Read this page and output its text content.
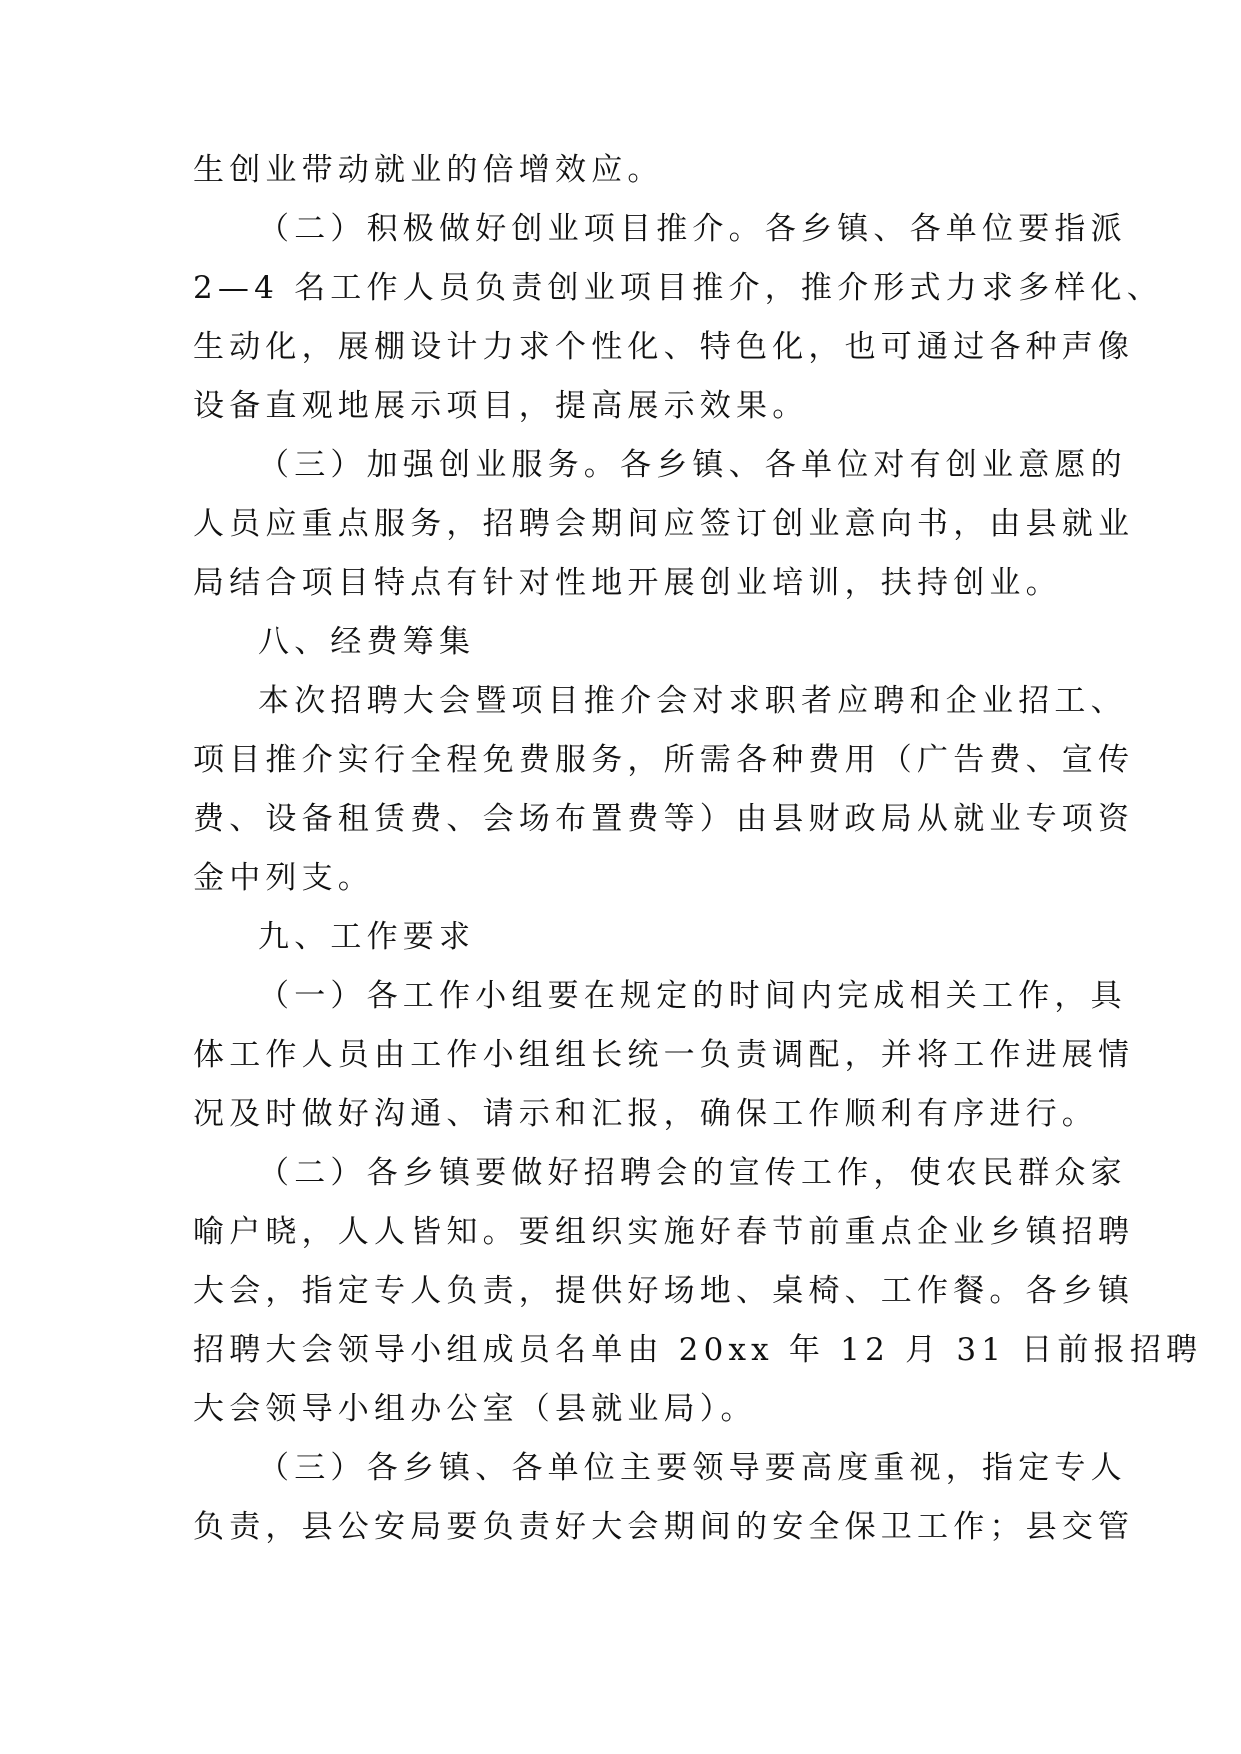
生创业带动就业的倍增效应。
（二）积极做好创业项目推介。各乡镇、各单位要指派
2—4 名工作人员负责创业项目推介，推介形式力求多样化、
生动化，展棚设计力求个性化、特色化，也可通过各种声像
设备直观地展示项目，提高展示效果。
（三）加强创业服务。各乡镇、各单位对有创业意愿的
人员应重点服务，招聘会期间应签订创业意向书，由县就业
局结合项目特点有针对性地开展创业培训，扶持创业。
八、经费筹集
本次招聘大会暨项目推介会对求职者应聘和企业招工、
项目推介实行全程免费服务，所需各种费用（广告费、宣传
费、设备租赁费、会场布置费等）由县财政局从就业专项资
金中列支。
九、工作要求
（一）各工作小组要在规定的时间内完成相关工作，具
体工作人员由工作小组组长统一负责调配，并将工作进展情
况及时做好沟通、请示和汇报，确保工作顺利有序进行。
（二）各乡镇要做好招聘会的宣传工作，使农民群众家
喻户晓，人人皆知。要组织实施好春节前重点企业乡镇招聘
大会，指定专人负责，提供好场地、桌椅、工作餐。各乡镇
招聘大会领导小组成员名单由 20xx 年 12 月 31 日前报招聘
大会领导小组办公室（县就业局）。
（三）各乡镇、各单位主要领导要高度重视，指定专人
负责，县公安局要负责好大会期间的安全保卫工作；县交管
